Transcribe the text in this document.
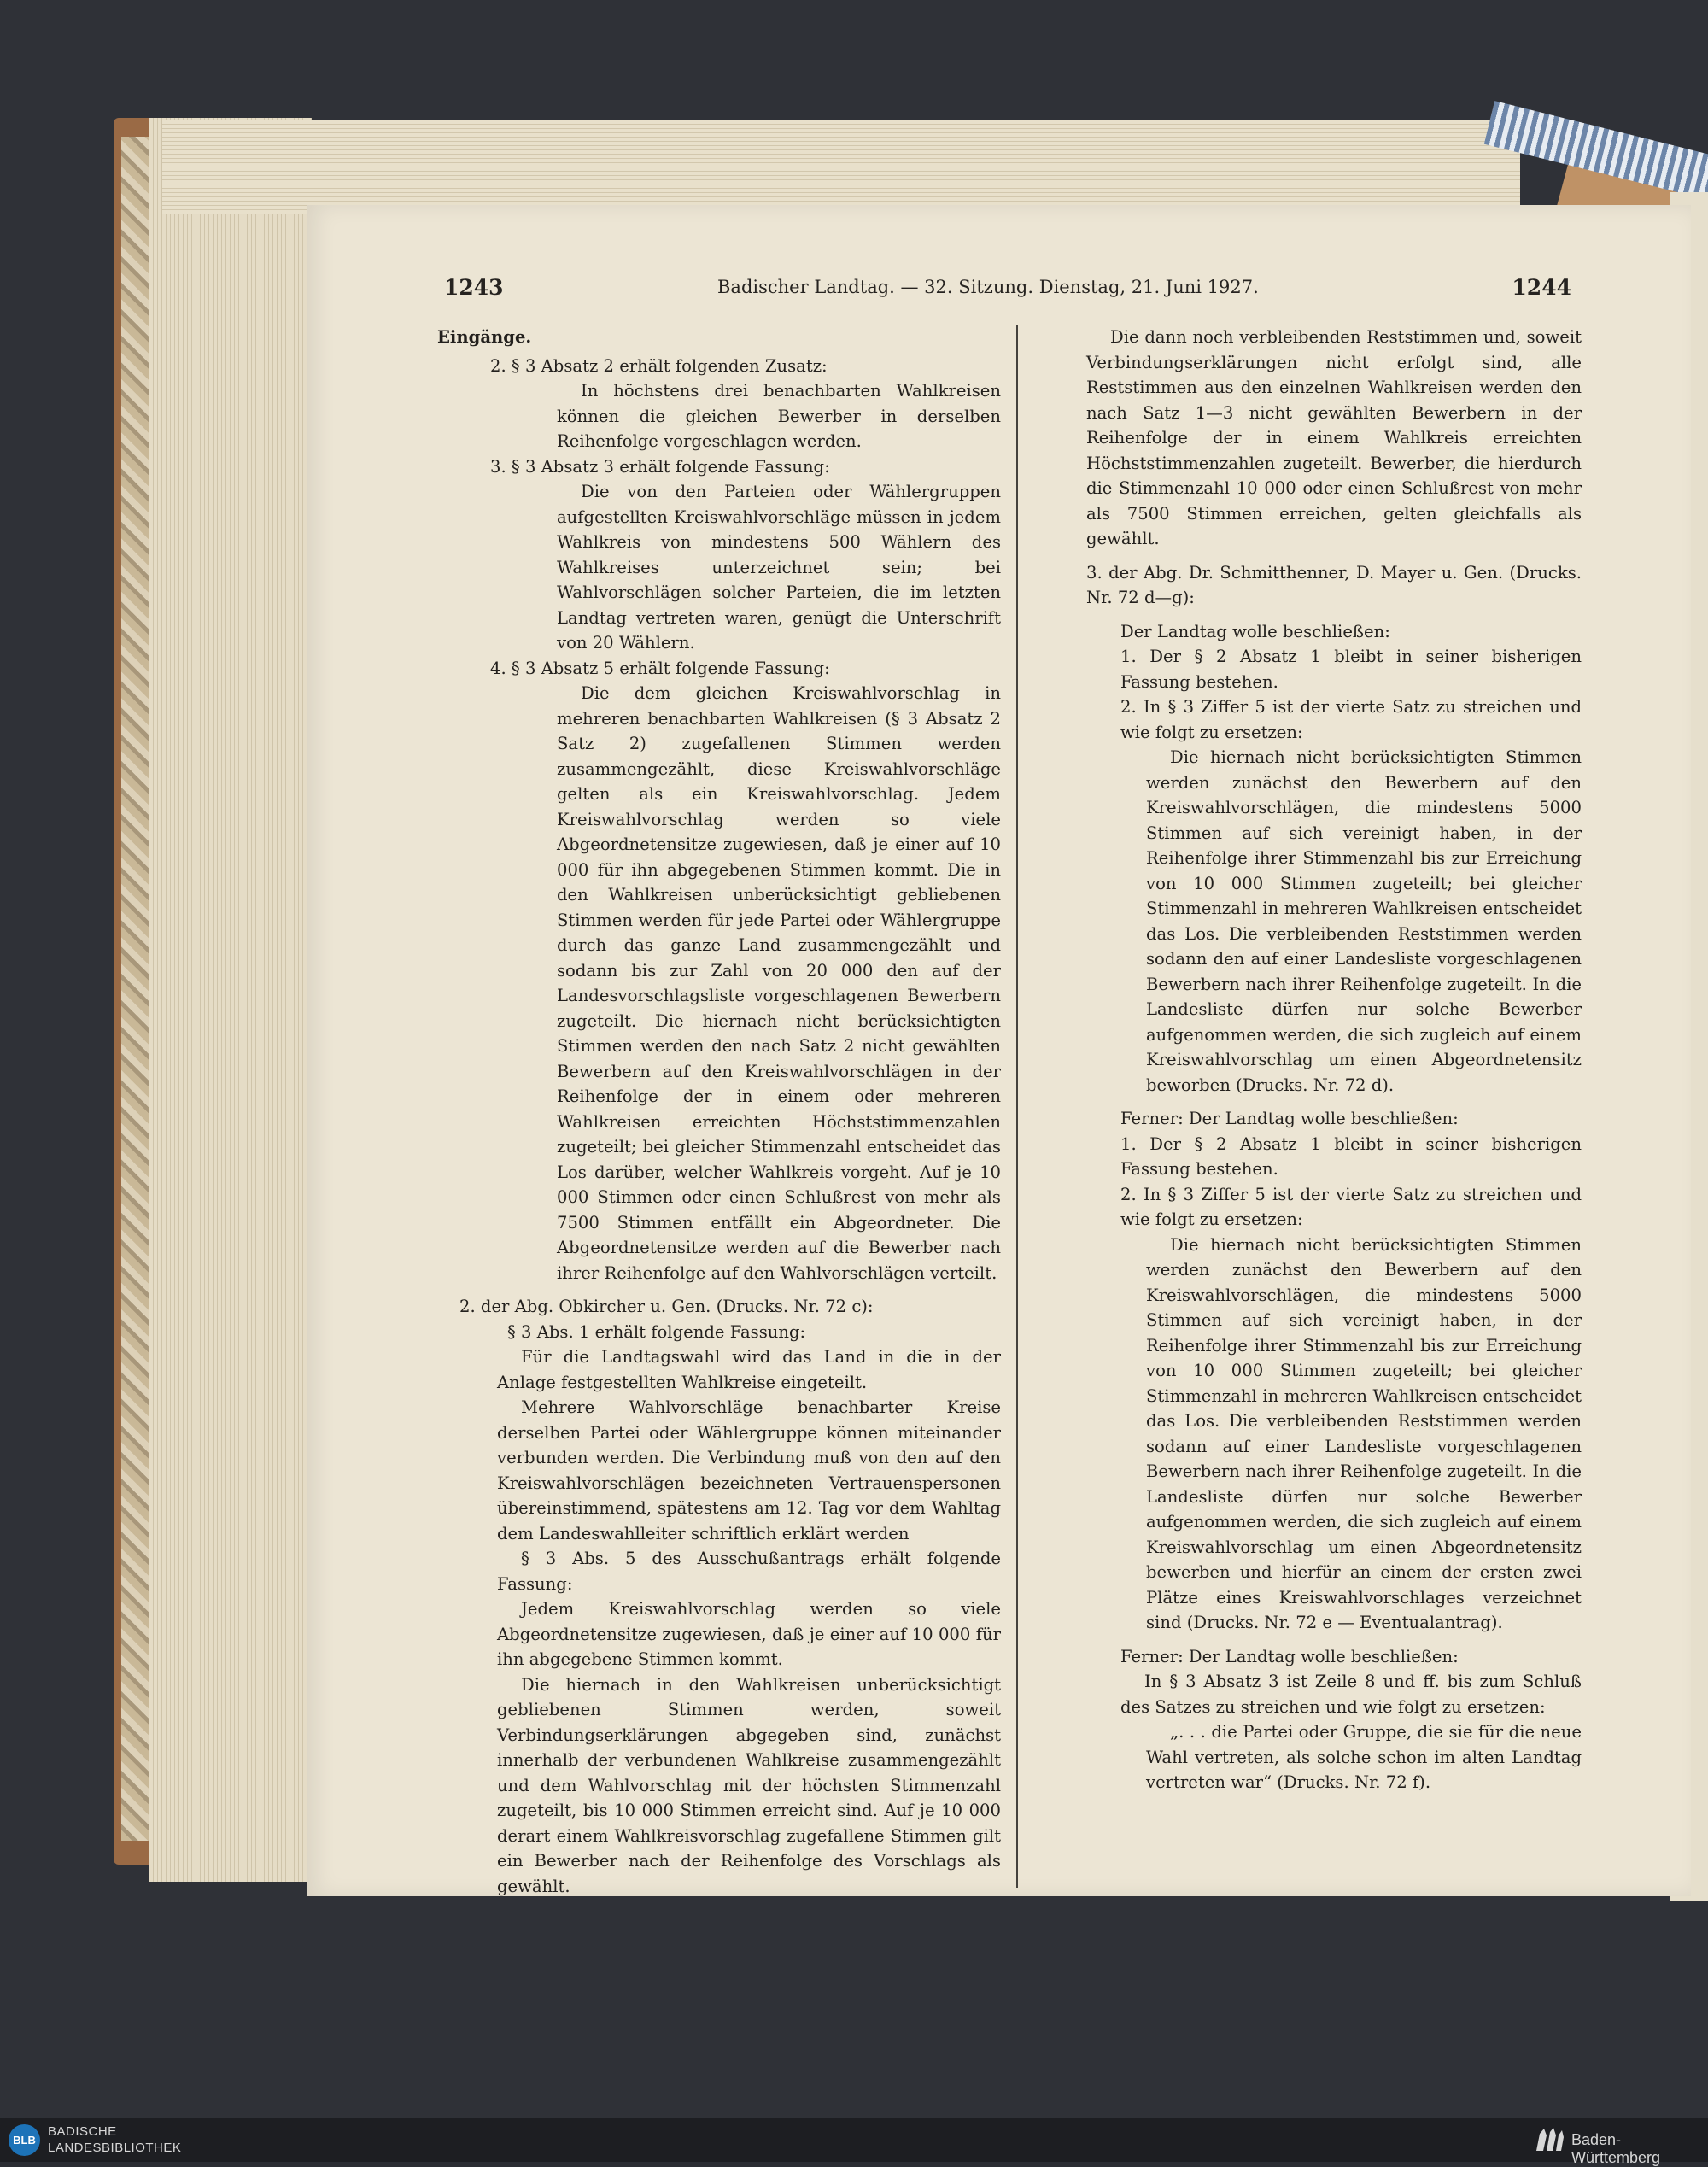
1243	Badischer Landtag. — 32. Sitzung. Dienstag, 21. Juni 1927.	1244

Eingänge.

2. § 3 Absatz 2 erhält folgenden Zusatz:

In höchstens drei benachbarten Wahlkreisen können die gleichen Bewerber in derselben Reihenfolge vorgeschlagen werden.

3. § 3 Absatz 3 erhält folgende Fassung:

Die von den Parteien oder Wählergruppen aufgestellten Kreiswahlvorschläge müssen in jedem Wahlkreis von mindestens 500 Wählern des Wahlkreises unterzeichnet sein; bei Wahlvorschlägen solcher Parteien, die im letzten Landtag vertreten waren, genügt die Unterschrift von 20 Wählern.

4. § 3 Absatz 5 erhält folgende Fassung:

Die dem gleichen Kreiswahlvorschlag in mehreren benachbarten Wahlkreisen (§ 3 Absatz 2 Satz 2) zugefallenen Stimmen werden zusammengezählt, diese Kreiswahlvorschläge gelten als ein Kreiswahlvorschlag. Jedem Kreiswahlvorschlag werden so viele Abgeordnetensitze zugewiesen, daß je einer auf 10 000 für ihn abgegebenen Stimmen kommt. Die in den Wahlkreisen unberücksichtigt gebliebenen Stimmen werden für jede Partei oder Wählergruppe durch das ganze Land zusammengezählt und sodann bis zur Zahl von 20 000 den auf der Landesvorschlagsliste vorgeschlagenen Bewerbern zugeteilt. Die hiernach nicht berücksichtigten Stimmen werden den nach Satz 2 nicht gewählten Bewerbern auf den Kreiswahlvorschlägen in der Reihenfolge der in einem oder mehreren Wahlkreisen erreichten Höchststimmenzahlen zugeteilt; bei gleicher Stimmenzahl entscheidet das Los darüber, welcher Wahlkreis vorgeht. Auf je 10 000 Stimmen oder einen Schlußrest von mehr als 7500 Stimmen entfällt ein Abgeordneter. Die Abgeordnetensitze werden auf die Bewerber nach ihrer Reihenfolge auf den Wahlvorschlägen verteilt.

2. der Abg. Obkircher u. Gen. (Drucks. Nr. 72 c):

§ 3 Abs. 1 erhält folgende Fassung:

Für die Landtagswahl wird das Land in die in der Anlage festgestellten Wahlkreise eingeteilt.

Mehrere Wahlvorschläge benachbarter Kreise derselben Partei oder Wählergruppe können miteinander verbunden werden. Die Verbindung muß von den auf den Kreiswahlvorschlägen bezeichneten Vertrauenspersonen übereinstimmend, spätestens am 12. Tag vor dem Wahltag dem Landeswahlleiter schriftlich erklärt werden

§ 3 Abs. 5 des Ausschußantrags erhält folgende Fassung:

Jedem Kreiswahlvorschlag werden so viele Abgeordnetensitze zugewiesen, daß je einer auf 10 000 für ihn abgegebene Stimmen kommt.

Die hiernach in den Wahlkreisen unberücksichtigt gebliebenen Stimmen werden, soweit Verbindungserklärungen abgegeben sind, zunächst innerhalb der verbundenen Wahlkreise zusammengezählt und dem Wahlvorschlag mit der höchsten Stimmenzahl zugeteilt, bis 10 000 Stimmen erreicht sind. Auf je 10 000 derart einem Wahlkreisvorschlag zugefallene Stimmen gilt ein Bewerber nach der Reihenfolge des Vorschlags als gewählt.

Die dann noch verbleibenden Reststimmen und, soweit Verbindungserklärungen nicht erfolgt sind, alle Reststimmen aus den einzelnen Wahlkreisen werden den nach Satz 1—3 nicht gewählten Bewerbern in der Reihenfolge der in einem Wahlkreis erreichten Höchststimmenzahlen zugeteilt. Bewerber, die hierdurch die Stimmenzahl 10 000 oder einen Schlußrest von mehr als 7500 Stimmen erreichen, gelten gleichfalls als gewählt.

3. der Abg. Dr. Schmitthenner, D. Mayer u. Gen. (Drucks. Nr. 72 d—g):

Der Landtag wolle beschließen:

1. Der § 2 Absatz 1 bleibt in seiner bisherigen Fassung bestehen.

2. In § 3 Ziffer 5 ist der vierte Satz zu streichen und wie folgt zu ersetzen:

Die hiernach nicht berücksichtigten Stimmen werden zunächst den Bewerbern auf den Kreiswahlvorschlägen, die mindestens 5000 Stimmen auf sich vereinigt haben, in der Reihenfolge ihrer Stimmenzahl bis zur Erreichung von 10 000 Stimmen zugeteilt; bei gleicher Stimmenzahl in mehreren Wahlkreisen entscheidet das Los. Die verbleibenden Reststimmen werden sodann den auf einer Landesliste vorgeschlagenen Bewerbern nach ihrer Reihenfolge zugeteilt. In die Landesliste dürfen nur solche Bewerber aufgenommen werden, die sich zugleich auf einem Kreiswahlvorschlag um einen Abgeordnetensitz beworben (Drucks. Nr. 72 d).

Ferner: Der Landtag wolle beschließen:

1. Der § 2 Absatz 1 bleibt in seiner bisherigen Fassung bestehen.

2. In § 3 Ziffer 5 ist der vierte Satz zu streichen und wie folgt zu ersetzen:

Die hiernach nicht berücksichtigten Stimmen werden zunächst den Bewerbern auf den Kreiswahlvorschlägen, die mindestens 5000 Stimmen auf sich vereinigt haben, in der Reihenfolge ihrer Stimmenzahl bis zur Erreichung von 10 000 Stimmen zugeteilt; bei gleicher Stimmenzahl in mehreren Wahlkreisen entscheidet das Los. Die verbleibenden Reststimmen werden sodann auf einer Landesliste vorgeschlagenen Bewerbern nach ihrer Reihenfolge zugeteilt. In die Landesliste dürfen nur solche Bewerber aufgenommen werden, die sich zugleich auf einem Kreiswahlvorschlag um einen Abgeordnetensitz bewerben und hierfür an einem der ersten zwei Plätze eines Kreiswahlvorschlages verzeichnet sind (Drucks. Nr. 72 e — Eventualantrag).

Ferner: Der Landtag wolle beschließen:

In § 3 Absatz 3 ist Zeile 8 und ff. bis zum Schluß des Satzes zu streichen und wie folgt zu ersetzen:

„. . . die Partei oder Gruppe, die sie für die neue Wahl vertreten, als solche schon im alten Landtag vertreten war“ (Drucks. Nr. 72 f).

BLB
BADISCHE
LANDESBIBLIOTHEK	Baden-Württemberg
